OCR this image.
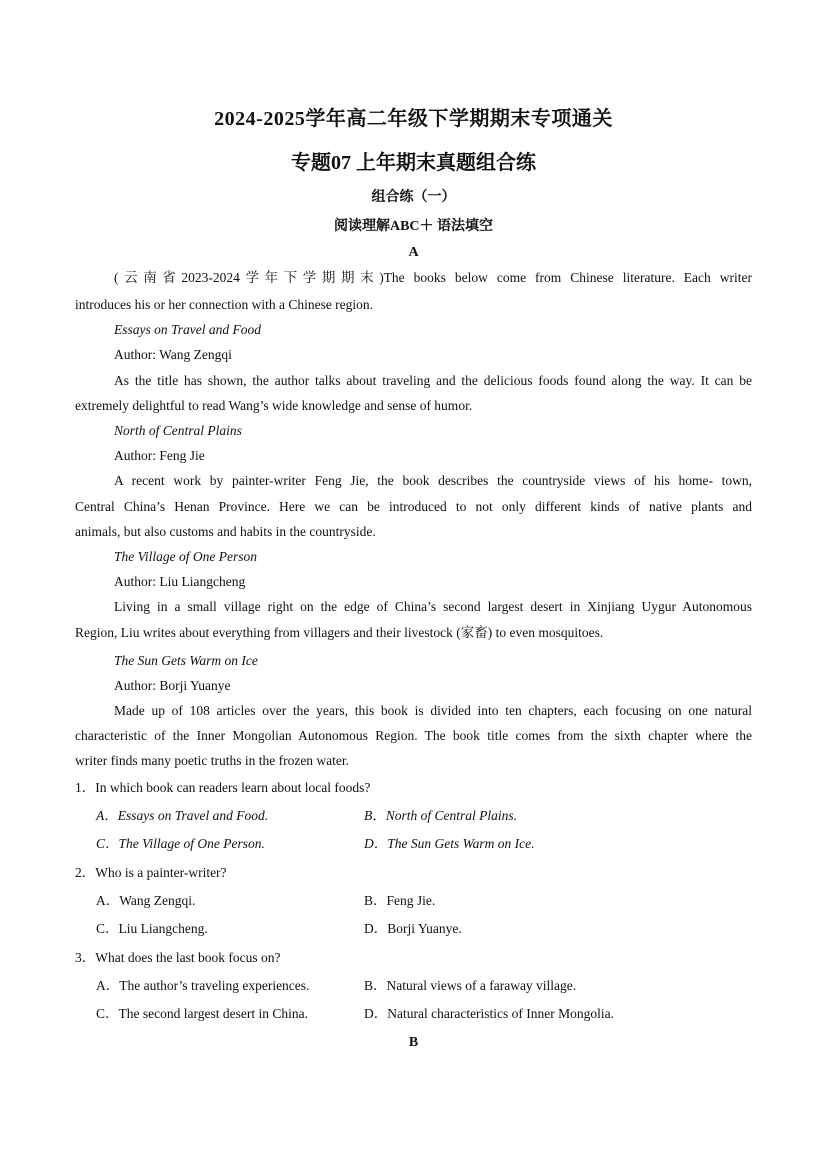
2024-2025学年高二年级下学期期末专项通关
专题07 上年期末真题组合练
组合练（一）
阅读理解ABC＋ 语法填空
A
(云南省2023-2024学年下学期期末)The books below come from Chinese literature. Each writer
introduces his or her connection with a Chinese region.
Essays on Travel and Food
Author: Wang Zengqi
As the title has shown, the author talks about traveling and the delicious foods found along the way. It can be
extremely delightful to read Wang’s wide knowledge and sense of humor.
North of Central Plains
Author: Feng Jie
A recent work by painter-writer Feng Jie, the book describes the countryside views of his home- town,
Central China’s Henan Province. Here we can be introduced to not only different kinds of native plants and
animals, but also customs and habits in the countryside.
The Village of One Person
Author: Liu Liangcheng
Living in a small village right on the edge of China’s second largest desert in Xinjiang Uygur Autonomous
Region, Liu writes about everything from villagers and their livestock (家畜) to even mosquitoes.
The Sun Gets Warm on Ice
Author: Borji Yuanye
Made up of 108 articles over the years, this book is divided into ten chapters, each focusing on one natural
characteristic of the Inner Mongolian Autonomous Region. The book title comes from the sixth chapter where the
writer finds many poetic truths in the frozen water.
1．In which book can readers learn about local foods?
A．Essays on Travel and Food.	B．North of Central Plains.
C．The Village of One Person.	D．The Sun Gets Warm on Ice.
2．Who is a painter-writer?
A．Wang Zengqi.	B．Feng Jie.
C．Liu Liangcheng.	D．Borji Yuanye.
3．What does the last book focus on?
A．The author’s traveling experiences.	B．Natural views of a faraway village.
C．The second largest desert in China.	D．Natural characteristics of Inner Mongolia.
B
